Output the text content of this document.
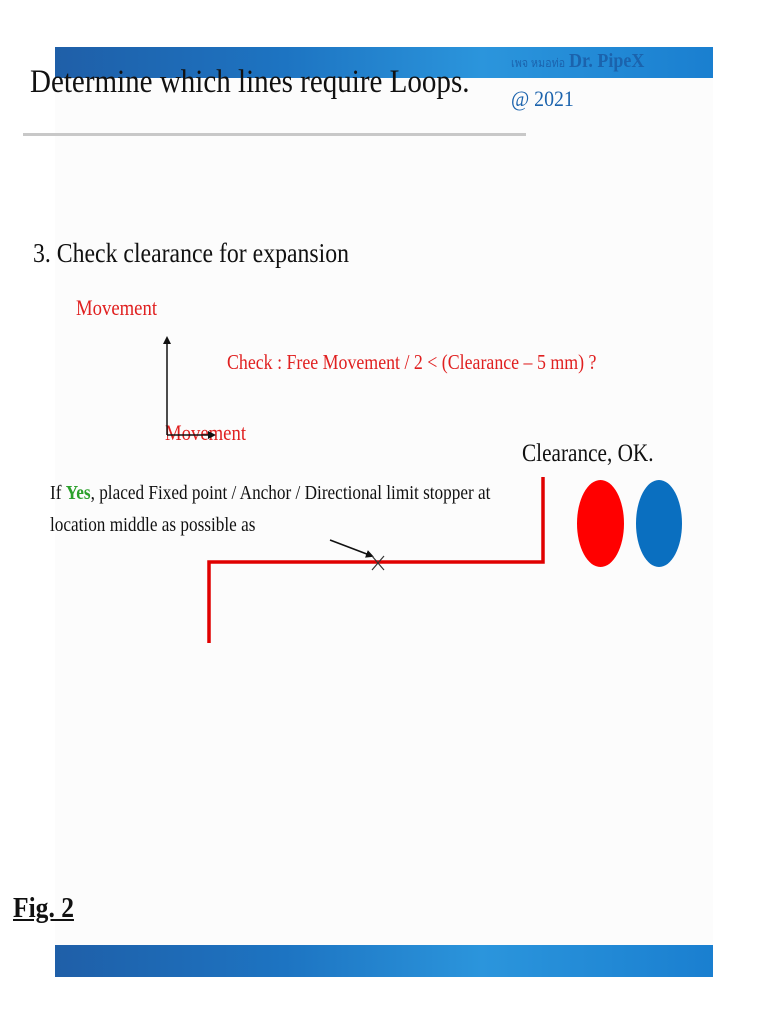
Determine which lines require Loops.
เพจ หมอท่อ Dr. PipeX
@ 2021
3. Check clearance for expansion
Movement
Movement
Check : Free Movement / 2 < (Clearance – 5 mm) ?
Clearance, OK.
If Yes, placed Fixed point / Anchor / Directional limit stopper at
location middle as possible as
Fig. 2
